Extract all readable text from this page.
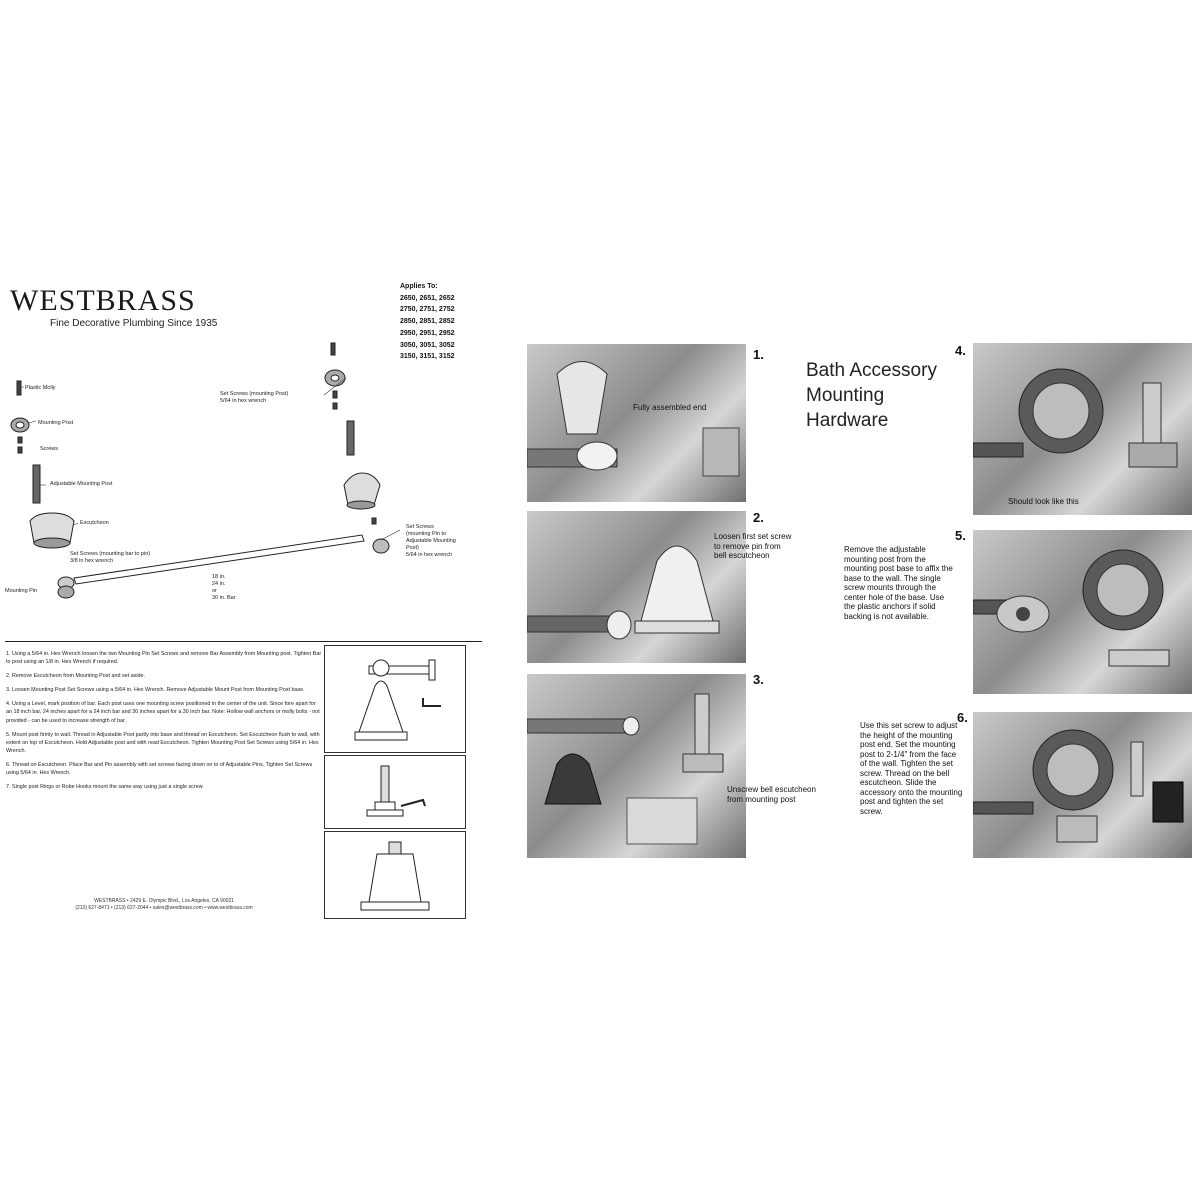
WESTBRASS
Fine Decorative Plumbing Since 1935
Applies To:
2650, 2651, 2652
2750, 2751, 2752
2850, 2851, 2852
2950, 2951, 2952
3050, 3051, 3052
3150, 3151, 3152
Plastic Molly
Mounting Post
Screws
Adjustable Mounting Post
Escutcheon
Set Screws (mounting bar to pin)
3/8 in hex wrench
Mounting Pin
Set Screws (mounting Post)
5/64 in hex wrench
Set Screws
(mounting Pin to
Adjustable Mounting
Post)
5/64 in hex wrench
18 in.
24 in.
or
30 in. Bar

1. Using a 5/64 in. Hex Wrench loosen the two Mounting Pin Set Screws and remove Bar Assembly from Mounting post. Tighten Bar to post using an 1/8 in. Hex Wrench if required.

2. Remove Escutcheon from Mounting Post and set aside.

3. Loosen Mounting Post Set Screws using a 5/64 in. Hex Wrench. Remove Adjustable Mount Post from Mounting Post base.

4. Using a Level, mark position of bar. Each post uses one mounting screw positioned in the center of the unit. Since fore apart for an 18 inch bar, 24 inches apart for a 24 inch bar and 30 inches apart for a 30 inch bar. Note: Hollow wall anchors or molly bolts - not provided - can be used to increase strength of bar.

5. Mount post firmly to wall. Thread in Adjustable Post partly into base and thread on Escutcheon. Set Escutcheon flush to wall, with extent on top of Escutcheon. Hold Adjustable post and with read Escutcheon. Tighten Mounting Post Set Screws using 5/64 in. Hex Wrench.

6. Thread on Escutcheon. Place Bar and Pin assembly with set screws facing down on to of Adjustable Pins. Tighten Set Screws using 5/64 in. Hex Wrench.

7. Single post Rings or Robe Hooks mount the same way using just a single screw.

WESTBRASS • 2429 E. Olympic Blvd., Los Angeles, CA 90021
(213) 627-8471 • (213) 627-2044 • sales@westbrass.com • www.westbrass.com
1.
Fully assembled end
2.
Loosen first set screw
to remove pin from
bell escutcheon
3.
Unscrew bell escutcheon
from mounting post
Bath Accessory
Mounting
Hardware
4.
Should look like this
5.
Remove the adjustable mounting post from the mounting post base to affix the base to the wall. The single screw mounts through the center hole of the base. Use the plastic anchors if solid backing is not available.
6.
Use this set screw to adjust the height of the mounting post end. Set the mounting post to 2-1/4" from the face of the wall. Tighten the set screw. Thread on the bell escutcheon. Slide the accessory onto the mounting post and tighten the set screw.
